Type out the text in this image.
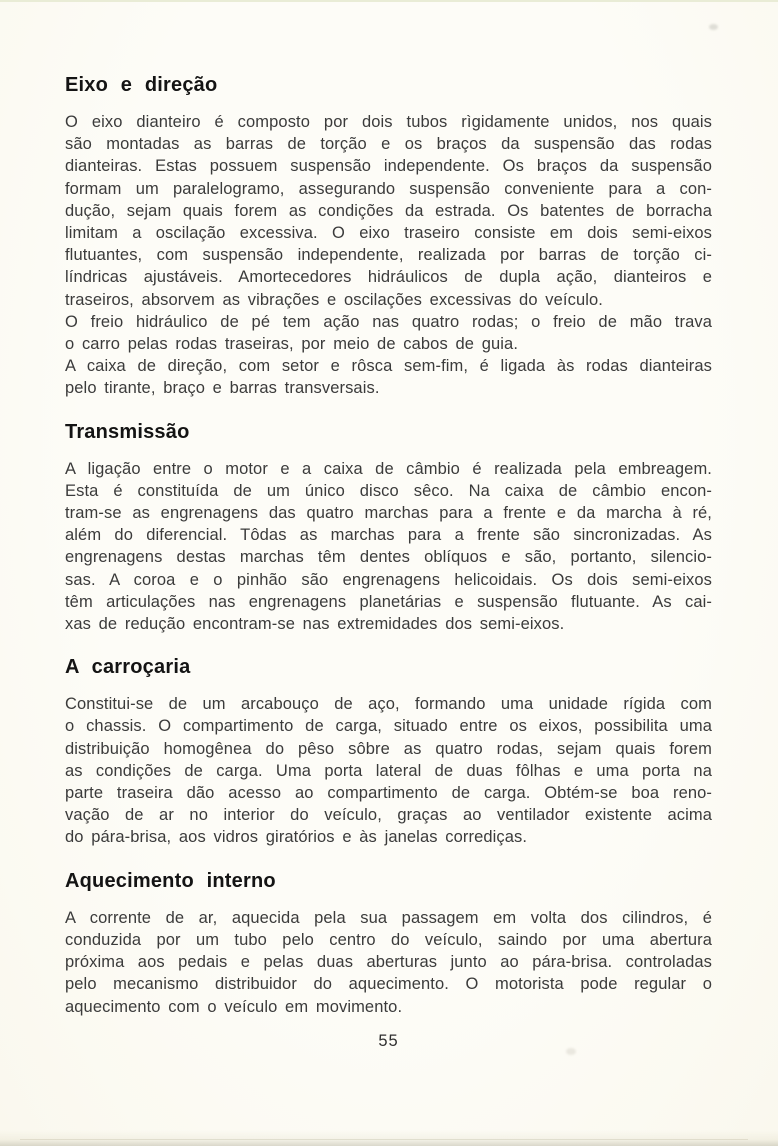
Eixo e direção
O eixo dianteiro é composto por dois tubos rìgidamente unidos, nos quais
são montadas as barras de torção e os braços da suspensão das rodas
dianteiras. Estas possuem suspensão independente. Os braços da suspensão
formam um paralelogramo, assegurando suspensão conveniente para a con-
dução, sejam quais forem as condições da estrada. Os batentes de borracha
limitam a oscilação excessiva. O eixo traseiro consiste em dois semi-eixos
flutuantes, com suspensão independente, realizada por barras de torção ci-
líndricas ajustáveis. Amortecedores hidráulicos de dupla ação, dianteiros e
traseiros, absorvem as vibrações e oscilações excessivas do veículo.
O freio hidráulico de pé tem ação nas quatro rodas; o freio de mão trava
o carro pelas rodas traseiras, por meio de cabos de guia.
A caixa de direção, com setor e rôsca sem-fim, é ligada às rodas dianteiras
pelo tirante, braço e barras transversais.
Transmissão
A ligação entre o motor e a caixa de câmbio é realizada pela embreagem.
Esta é constituída de um único disco sêco. Na caixa de câmbio encon-
tram-se as engrenagens das quatro marchas para a frente e da marcha à ré,
além do diferencial. Tôdas as marchas para a frente são sincronizadas. As
engrenagens destas marchas têm dentes oblíquos e são, portanto, silencio-
sas. A coroa e o pinhão são engrenagens helicoidais. Os dois semi-eixos
têm articulações nas engrenagens planetárias e suspensão flutuante. As cai-
xas de redução encontram-se nas extremidades dos semi-eixos.
A carroçaria
Constitui-se de um arcabouço de aço, formando uma unidade rígida com
o chassis. O compartimento de carga, situado entre os eixos, possibilita uma
distribuição homogênea do pêso sôbre as quatro rodas, sejam quais forem
as condições de carga. Uma porta lateral de duas fôlhas e uma porta na
parte traseira dão acesso ao compartimento de carga. Obtém-se boa reno-
vação de ar no interior do veículo, graças ao ventilador existente acima
do pára-brisa, aos vidros giratórios e às janelas corrediças.
Aquecimento interno
A corrente de ar, aquecida pela sua passagem em volta dos cilindros, é
conduzida por um tubo pelo centro do veículo, saindo por uma abertura
próxima aos pedais e pelas duas aberturas junto ao pára-brisa. controladas
pelo mecanismo distribuidor do aquecimento. O motorista pode regular o
aquecimento com o veículo em movimento.
55
